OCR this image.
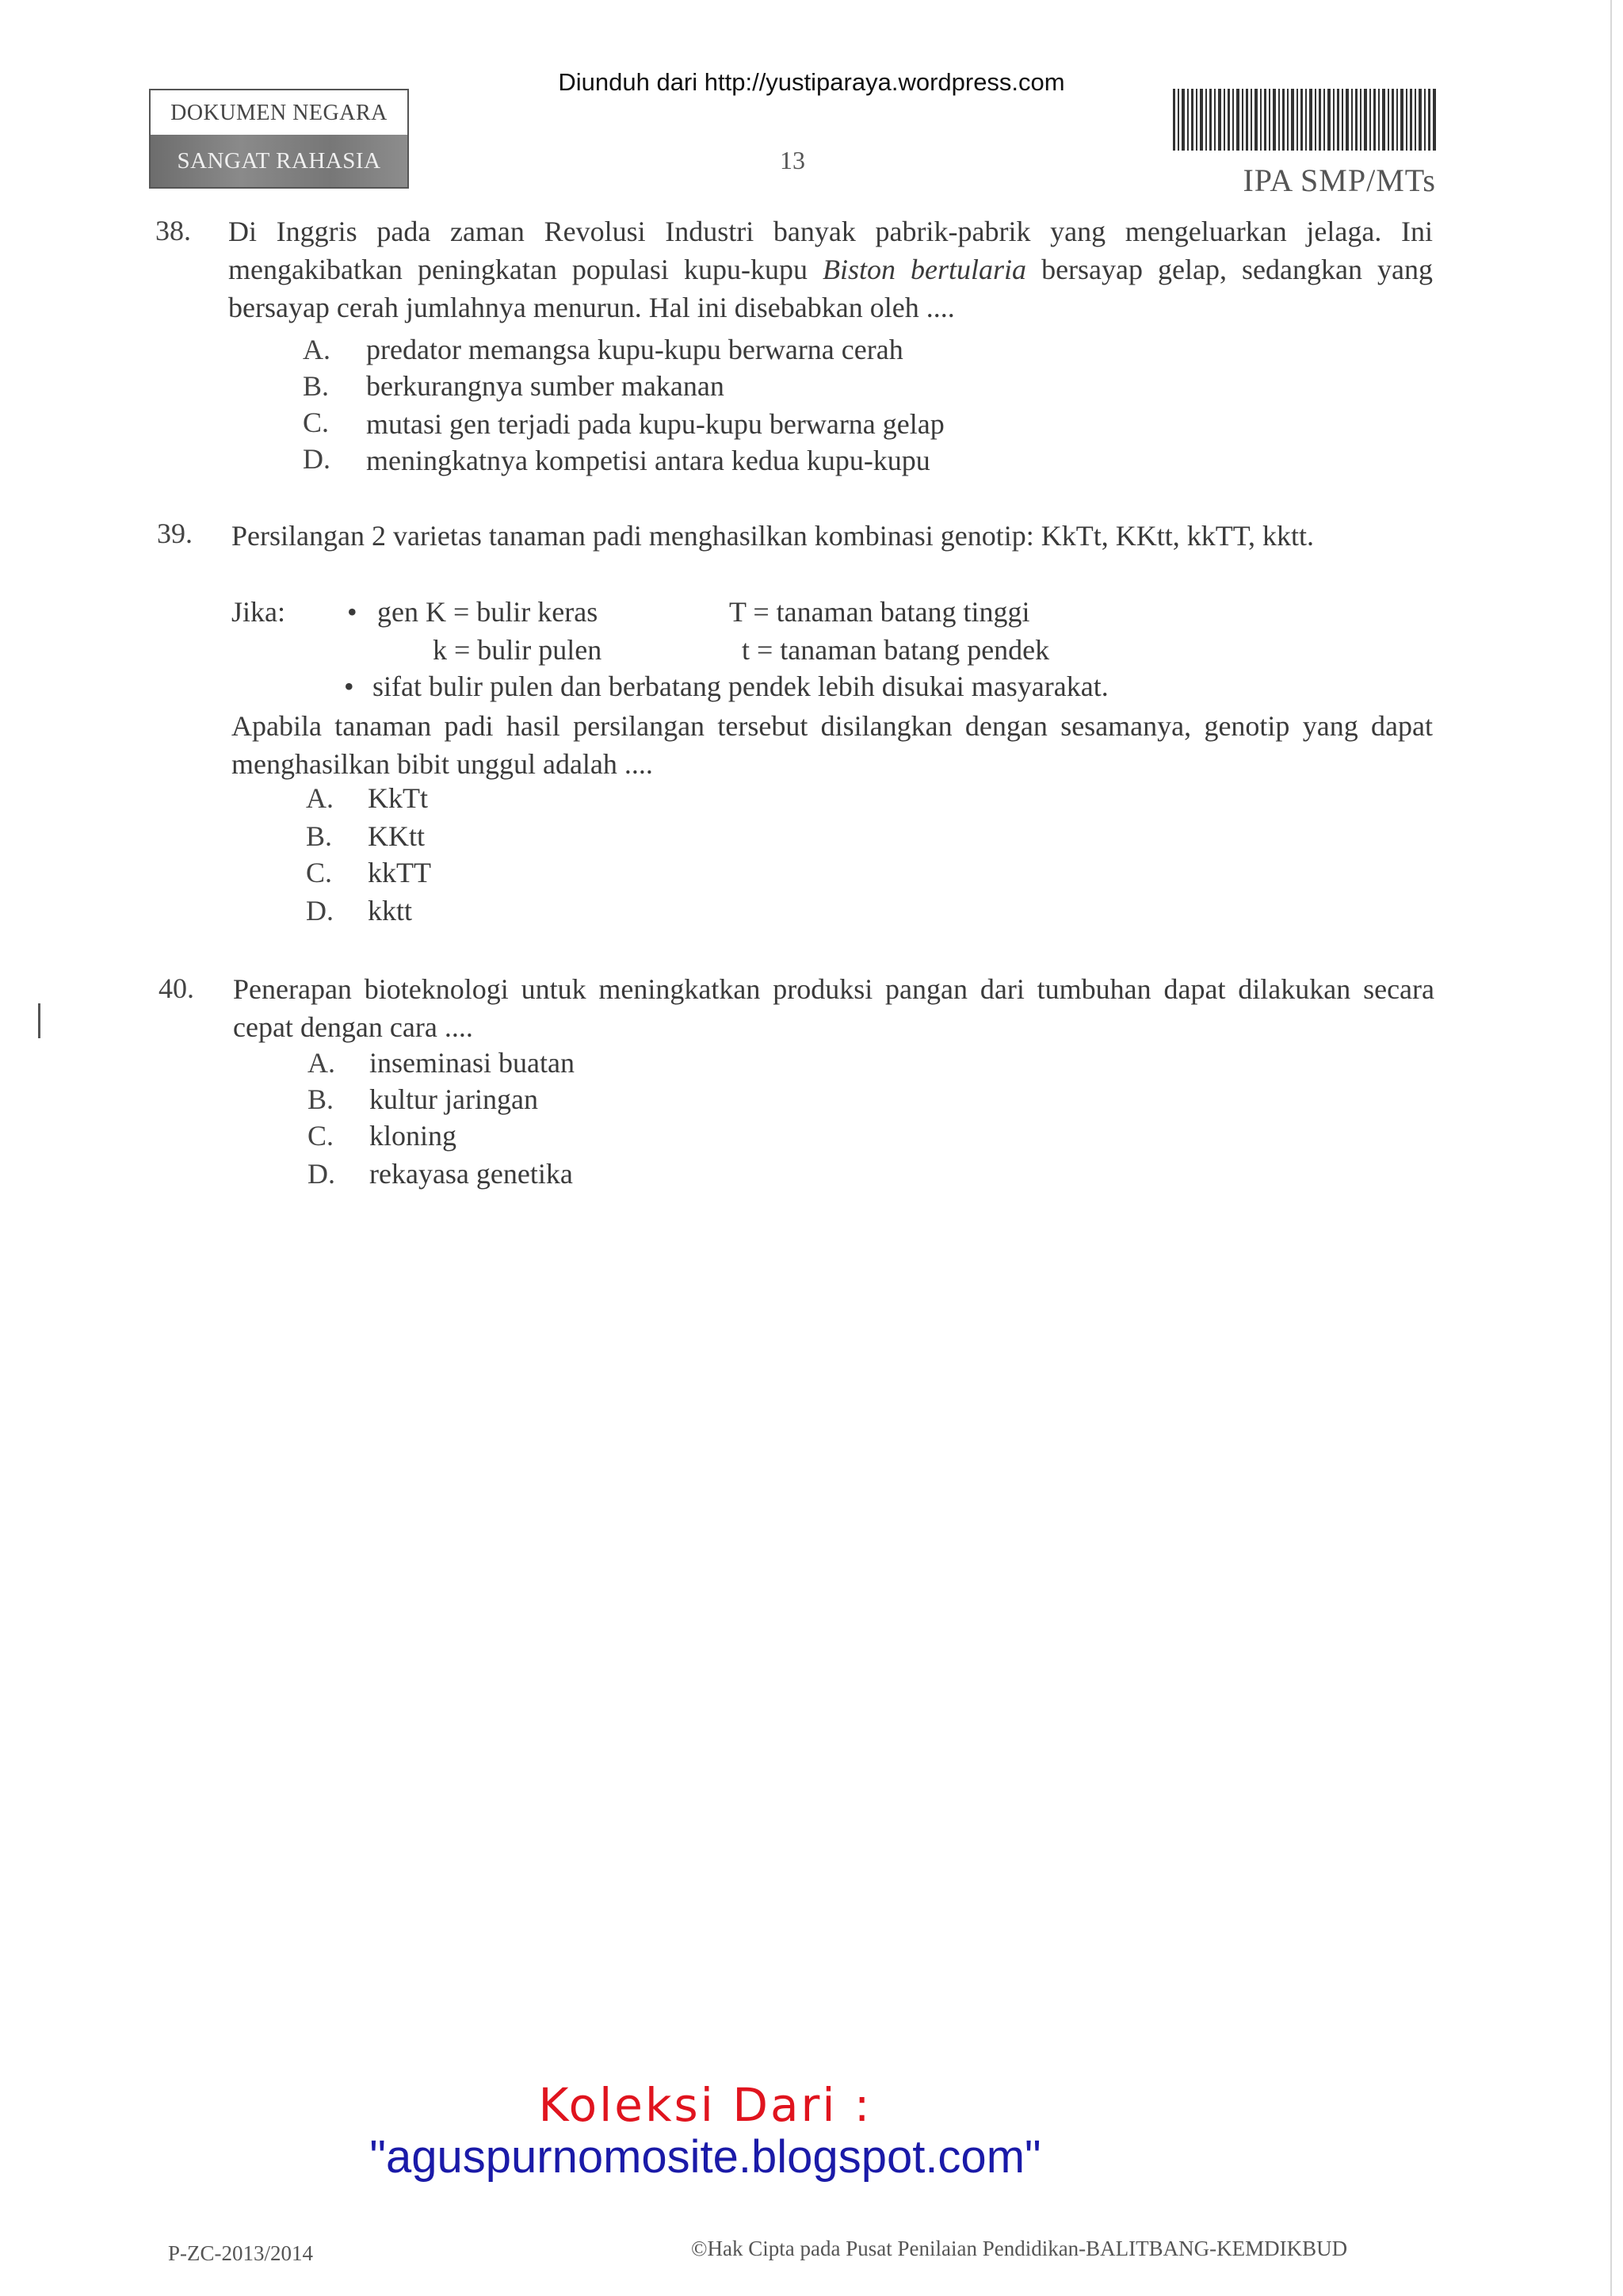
Diunduh dari http://yustiparaya.wordpress.com
DOKUMEN NEGARA
SANGAT RAHASIA	13
IPA SMP/MTs
38. Di Inggris pada zaman Revolusi Industri banyak pabrik-pabrik yang mengeluarkan jelaga. Ini mengakibatkan peningkatan populasi kupu-kupu Biston bertularia bersayap gelap, sedangkan yang bersayap cerah jumlahnya menurun. Hal ini disebabkan oleh ....
A. predator memangsa kupu-kupu berwarna cerah
B. berkurangnya sumber makanan
C. mutasi gen terjadi pada kupu-kupu berwarna gelap
D. meningkatnya kompetisi antara kedua kupu-kupu
39. Persilangan 2 varietas tanaman padi menghasilkan kombinasi genotip: KkTt, KKtt, kkTT, kktt.
Jika: • gen K = bulir keras	T = tanaman batang tinggi
k = bulir pulen	t = tanaman batang pendek
• sifat bulir pulen dan berbatang pendek lebih disukai masyarakat.
Apabila tanaman padi hasil persilangan tersebut disilangkan dengan sesamanya, genotip yang dapat menghasilkan bibit unggul adalah ....
A. KkTt
B. KKtt
C. kkTT
D. kktt
40. Penerapan bioteknologi untuk meningkatkan produksi pangan dari tumbuhan dapat dilakukan secara cepat dengan cara ....
A. inseminasi buatan
B. kultur jaringan
C. kloning
D. rekayasa genetika
Koleksi Dari :
"aguspurnomosite.blogspot.com"
P-ZC-2013/2014	©Hak Cipta pada Pusat Penilaian Pendidikan-BALITBANG-KEMDIKBUD
